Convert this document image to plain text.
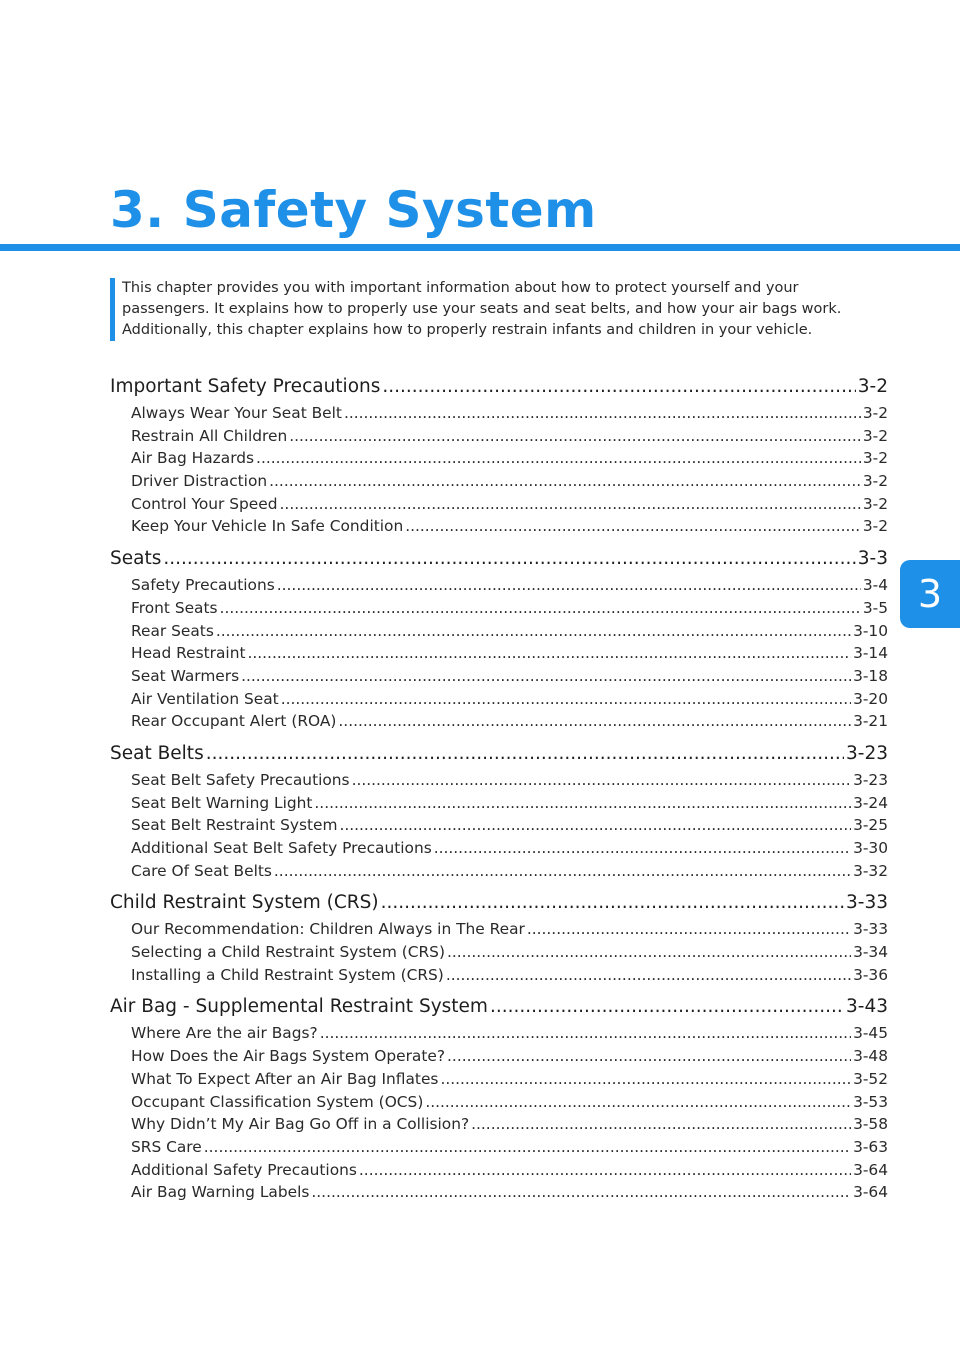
3. Safety System

This chapter provides you with important information about how to protect yourself and your passengers. It explains how to properly use your seats and seat belts, and how your air bags work. Additionally, this chapter explains how to properly restrain infants and children in your vehicle.

3
Important Safety Precautions .....	3-2
Always Wear Your Seat Belt .....	3-2
Restrain All Children .....	3-2
Air Bag Hazards .....	3-2
Driver Distraction .....	3-2
Control Your Speed .....	3-2
Keep Your Vehicle In Safe Condition .....	3-2
Seats .....	3-3
Safety Precautions .....	3-4
Front Seats .....	3-5
Rear Seats .....	3-10
Head Restraint .....	3-14
Seat Warmers .....	3-18
Air Ventilation Seat .....	3-20
Rear Occupant Alert (ROA) .....	3-21
Seat Belts .....	3-23
Seat Belt Safety Precautions .....	3-23
Seat Belt Warning Light .....	3-24
Seat Belt Restraint System .....	3-25
Additional Seat Belt Safety Precautions .....	3-30
Care Of Seat Belts .....	3-32
Child Restraint System (CRS) .....	3-33
Our Recommendation: Children Always in The Rear .....	3-33
Selecting a Child Restraint System (CRS) .....	3-34
Installing a Child Restraint System (CRS) .....	3-36
Air Bag - Supplemental Restraint System .....	3-43
Where Are the air Bags? .....	3-45
How Does the Air Bags System Operate? .....	3-48
What To Expect After an Air Bag Inflates .....	3-52
Occupant Classification System (OCS) .....	3-53
Why Didn’t My Air Bag Go Off in a Collision? .....	3-58
SRS Care .....	3-63
Additional Safety Precautions .....	3-64
Air Bag Warning Labels .....	3-64
